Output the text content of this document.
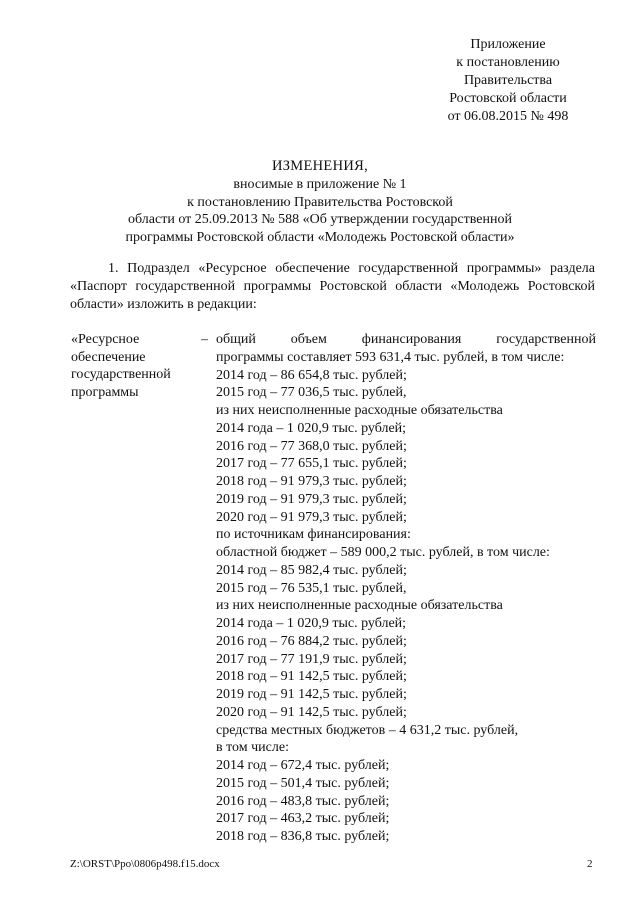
Приложение
к постановлению
Правительства
Ростовской области
от 06.08.2015 № 498
ИЗМЕНЕНИЯ,
вносимые в приложение № 1
к постановлению Правительства Ростовской
области от 25.09.2013 № 588 «Об утверждении государственной
программы Ростовской области «Молодежь Ростовской области»
1. Подраздел «Ресурсное обеспечение государственной программы» раздела «Паспорт государственной программы Ростовской области «Молодежь Ростовской области» изложить в редакции:
«Ресурсное
обеспечение
государственной
программы
– общий объем финансирования государственной
программы составляет 593 631,4 тыс. рублей, в том числе:
2014 год – 86 654,8 тыс. рублей;
2015 год – 77 036,5 тыс. рублей,
из них неисполненные расходные обязательства
2014 года – 1 020,9 тыс. рублей;
2016 год – 77 368,0 тыс. рублей;
2017 год – 77 655,1 тыс. рублей;
2018 год – 91 979,3 тыс. рублей;
2019 год – 91 979,3 тыс. рублей;
2020 год – 91 979,3 тыс. рублей;
по источникам финансирования:
областной бюджет – 589 000,2 тыс. рублей, в том числе:
2014 год – 85 982,4 тыс. рублей;
2015 год – 76 535,1 тыс. рублей,
из них неисполненные расходные обязательства
2014 года – 1 020,9 тыс. рублей;
2016 год – 76 884,2 тыс. рублей;
2017 год – 77 191,9 тыс. рублей;
2018 год – 91 142,5 тыс. рублей;
2019 год – 91 142,5 тыс. рублей;
2020 год – 91 142,5 тыс. рублей;
средства местных бюджетов – 4 631,2 тыс. рублей,
в том числе:
2014 год – 672,4 тыс. рублей;
2015 год – 501,4 тыс. рублей;
2016 год – 483,8 тыс. рублей;
2017 год – 463,2 тыс. рублей;
2018 год – 836,8 тыс. рублей;
Z:\ORST\Ppo\0806p498.f15.docx	2
